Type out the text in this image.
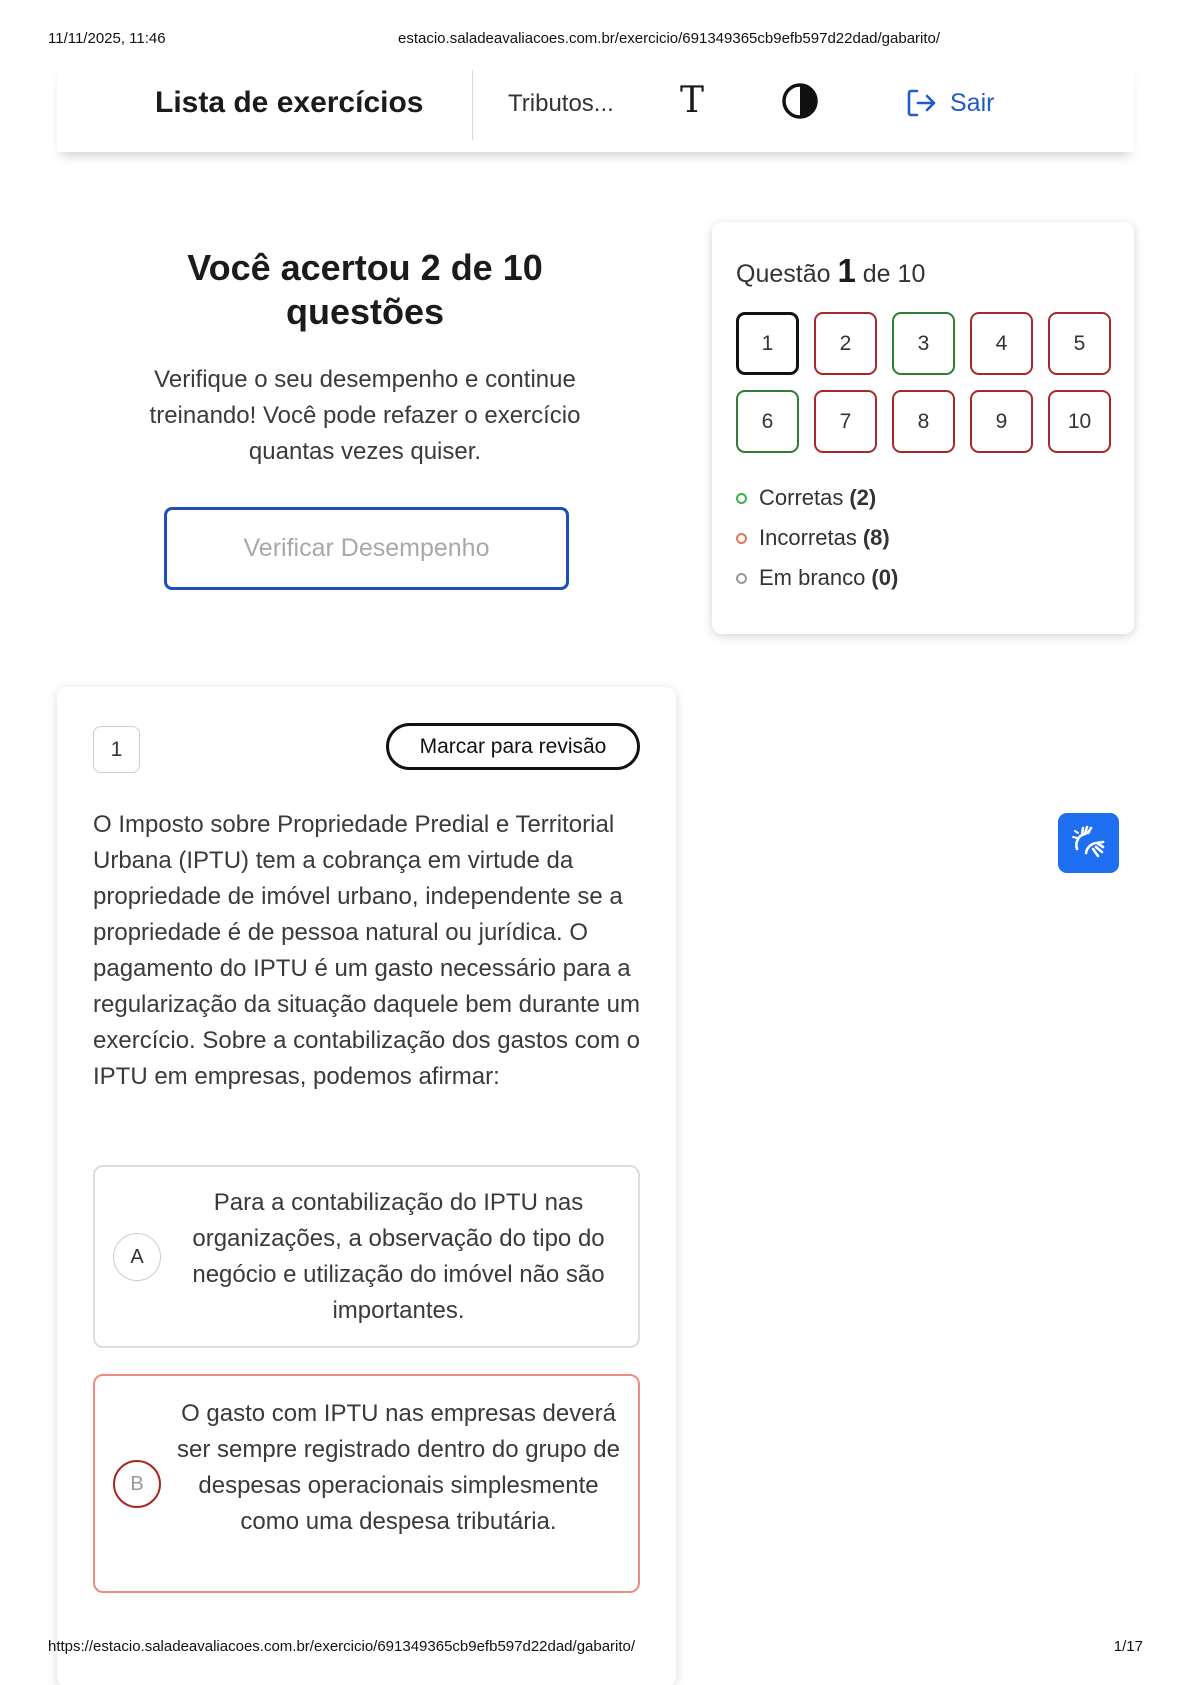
11/11/2025, 11:46	estacio.saladeavaliacoes.com.br/exercicio/691349365cb9efb597d22dad/gabarito/
Lista de exercícios	Tributos... T	Sair
Você acertou 2 de 10 questões

Verifique o seu desempenho e continue treinando! Você pode refazer o exercício quantas vezes quiser.

Verificar Desempenho
Questão 1 de 10
1	2	3	4	5
6	7	8	9	10
Corretas (2)
Incorretas (8)
Em branco (0)
1	Marcar para revisão
O Imposto sobre Propriedade Predial e Territorial Urbana (IPTU) tem a cobrança em virtude da propriedade de imóvel urbano, independente se a propriedade é de pessoa natural ou jurídica. O pagamento do IPTU é um gasto necessário para a regularização da situação daquele bem durante um exercício. Sobre a contabilização dos gastos com o IPTU em empresas, podemos afirmar:
A
Para a contabilização do IPTU nas organizações, a observação do tipo do negócio e utilização do imóvel não são importantes.
B
O gasto com IPTU nas empresas deverá ser sempre registrado dentro do grupo de despesas operacionais simplesmente como uma despesa tributária.
https://estacio.saladeavaliacoes.com.br/exercicio/691349365cb9efb597d22dad/gabarito/	1/17
